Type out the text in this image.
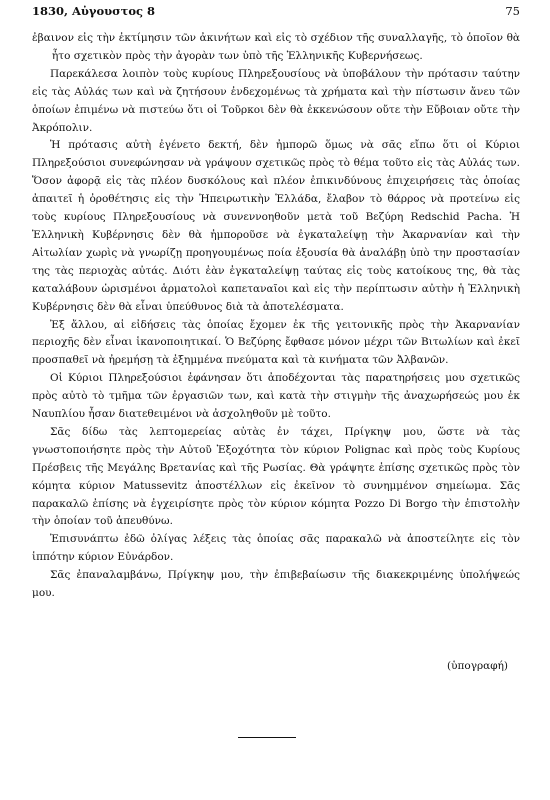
1830, Αὐγουστος 8	75

ἐβαινον εἰς τὴν ἐκτίμησιν τῶν ἀκινήτων καὶ εἰς τὸ σχέδιον τῆς συναλλαγῆς, τὸ ὁποῖον θὰ ἦτο σχετικὸν πρὸς τὴν ἀγορὰν των ὑπὸ τῆς Ἑλληνικῆς Κυβερνήσεως.

Παρεκάλεσα λοιπὸν τοὺς κυρίους Πληρεξουσίους νὰ ὑποβάλουν τὴν πρότασιν ταύτην εἰς τὰς Αὐλάς των καὶ νὰ ζητήσουν ἐνδεχομένως τὰ χρήματα καὶ τὴν πίστωσιν ἄνευ τῶν ὁποίων ἐπιμένω νὰ πιστεύω ὅτι οἱ Τοῦρκοι δὲν θὰ ἐκκενώσουν οὔτε τὴν Εὔβοιαν οὔτε τὴν Ἀκρόπολιν.

Ἡ πρότασις αὐτὴ ἐγένετο δεκτή, δὲν ἠμπορῶ ὅμως νὰ σᾶς εἴπω ὅτι οἱ Κύριοι Πληρεξούσιοι συνεφώνησαν νὰ γράψουν σχετικῶς πρὸς τὸ θέμα τοῦτο εἰς τὰς Αὐλάς των. Ὅσον ἀφορᾷ εἰς τὰς πλέον δυσκόλους καὶ πλέον ἐπικινδύνους ἐπιχειρήσεις τὰς ὁποίας ἀπαιτεῖ ἡ ὀροθέτησις εἰς τὴν Ἠπειρωτικὴν Ἑλλάδα, ἔλαβον τὸ θάρρος νὰ προτείνω εἰς τοὺς κυρίους Πληρεξουσίους νὰ συνεννοηθοῦν μετὰ τοῦ Βεζύρη Redschid Pacha. Ἡ Ἑλληνικὴ Κυβέρνησις δὲν θὰ ἠμποροῦσε νὰ ἐγκαταλείψῃ τὴν Ἀκαρνανίαν καὶ τὴν Αἰτωλίαν χωρὶς νὰ γνωρίζῃ προηγουμένως ποία ἐξουσία θὰ ἀναλάβῃ ὑπὸ την προστασίαν της τὰς περιοχὰς αὐτάς. Διότι ἐὰν ἐγκαταλείψῃ ταύτας εἰς τοὺς κατοίκους της, θὰ τὰς καταλάβουν ὡρισμένοι ἁρματολοὶ καπεταναῖοι καὶ εἰς τὴν περίπτωσιν αὐτὴν ἡ Ἑλληνικὴ Κυβέρνησις δὲν θὰ εἶναι ὑπεύθυνος διὰ τὰ ἀποτελέσματα.

Ἐξ ἄλλου, αἱ εἰδήσεις τὰς ὁποίας ἔχομεν ἐκ τῆς γειτονικῆς πρὸς τὴν Ἀκαρνανίαν περιοχῆς δὲν εἶναι ἱκανοποιητικαί. Ὁ Βεζύρης ἔφθασε μόνον μέχρι τῶν Βιτωλίων καὶ ἐκεῖ προσπαθεῖ νὰ ἠρεμήσῃ τὰ ἐξημμένα πνεύματα καὶ τὰ κινήματα τῶν Ἀλβανῶν.

Οἱ Κύριοι Πληρεξούσιοι ἐφάνησαν ὅτι ἀποδέχονται τὰς παρατηρήσεις μου σχετικῶς πρὸς αὐτὸ τὸ τμῆμα τῶν ἐργασιῶν των, καὶ κατὰ τὴν στιγμὴν τῆς ἀναχωρήσεώς μου ἐκ Ναυπλίου ἦσαν διατεθειμένοι νὰ ἀσχοληθοῦν μὲ τοῦτο.

Σᾶς δίδω τὰς λεπτομερείας αὐτὰς ἐν τάχει, Πρίγκηψ μου, ὥστε νὰ τὰς γνωστοποιήσητε πρὸς τὴν Αὐτοῦ Ἐξοχότητα τὸν κύριον Polignac καὶ πρὸς τοὺς Κυρίους Πρέσβεις τῆς Μεγάλης Βρετανίας καὶ τῆς Ρωσίας. Θὰ γράψητε ἐπίσης σχετικῶς πρὸς τὸν κόμητα κύριον Matussevitz ἀποστέλλων εἰς ἐκεῖνον τὸ συνημμένον σημείωμα. Σᾶς παρακαλῶ ἐπίσης νὰ ἐγχειρίσητε πρὸς τὸν κύριον κόμητα Pozzo Di Borgo τὴν ἐπιστολὴν τὴν ὁποίαν τοῦ ἀπευθύνω.

Ἐπισυνάπτω ἐδῶ ὀλίγας λέξεις τὰς ὁποίας σᾶς παρακαλῶ νὰ ἀποστείλητε εἰς τὸν ἱππότην κύριον Εὐνάρδον.

Σᾶς ἐπαναλαμβάνω, Πρίγκηψ μου, τὴν ἐπιβεβαίωσιν τῆς διακεκριμένης ὑπολήψεώς μου.

(ὑπογραφή)
